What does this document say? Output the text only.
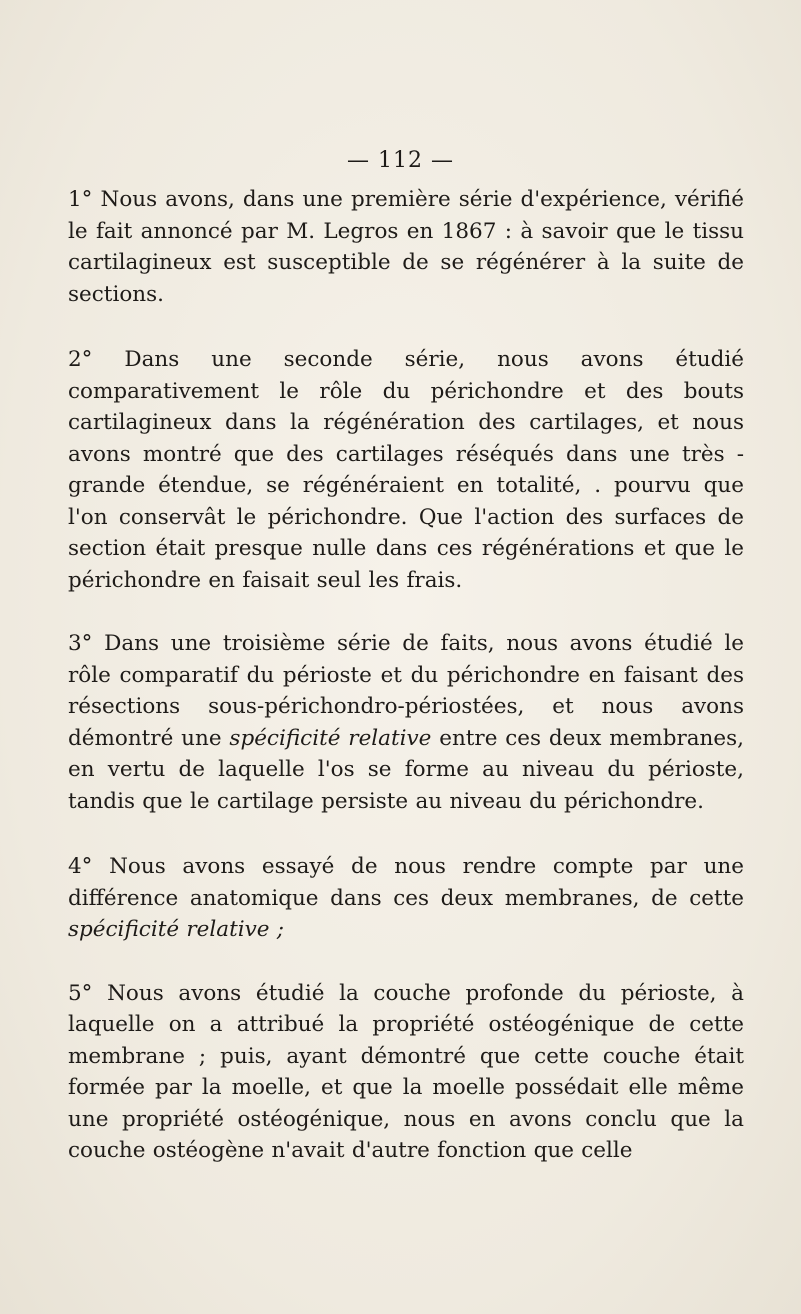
— 112 —

1° Nous avons, dans une première série d'expérience, vérifié le fait annoncé par M. Legros en 1867 : à savoir que le tissu cartilagineux est susceptible de se régénérer à la suite de sections.

2° Dans une seconde série, nous avons étudié comparativement le rôle du périchondre et des bouts cartilagineux dans la régénération des cartilages, et nous avons montré que des cartilages réséqués dans une très - grande étendue, se régénéraient en totalité, . pourvu que l'on conservât le périchondre. Que l'action des surfaces de section était presque nulle dans ces régénérations et que le périchondre en faisait seul les frais.

3° Dans une troisième série de faits, nous avons étudié le rôle comparatif du périoste et du périchondre en faisant des résections sous-périchondro-périostées, et nous avons démontré une spécificité relative entre ces deux membranes, en vertu de laquelle l'os se forme au niveau du périoste, tandis que le cartilage persiste au niveau du périchondre.

4° Nous avons essayé de nous rendre compte par une différence anatomique dans ces deux membranes, de cette spécificité relative ;

5° Nous avons étudié la couche profonde du périoste, à laquelle on a attribué la propriété ostéogénique de cette membrane ; puis, ayant démontré que cette couche était formée par la moelle, et que la moelle possédait elle même une propriété ostéogénique, nous en avons conclu que la couche ostéogène n'avait d'autre fonction que celle
